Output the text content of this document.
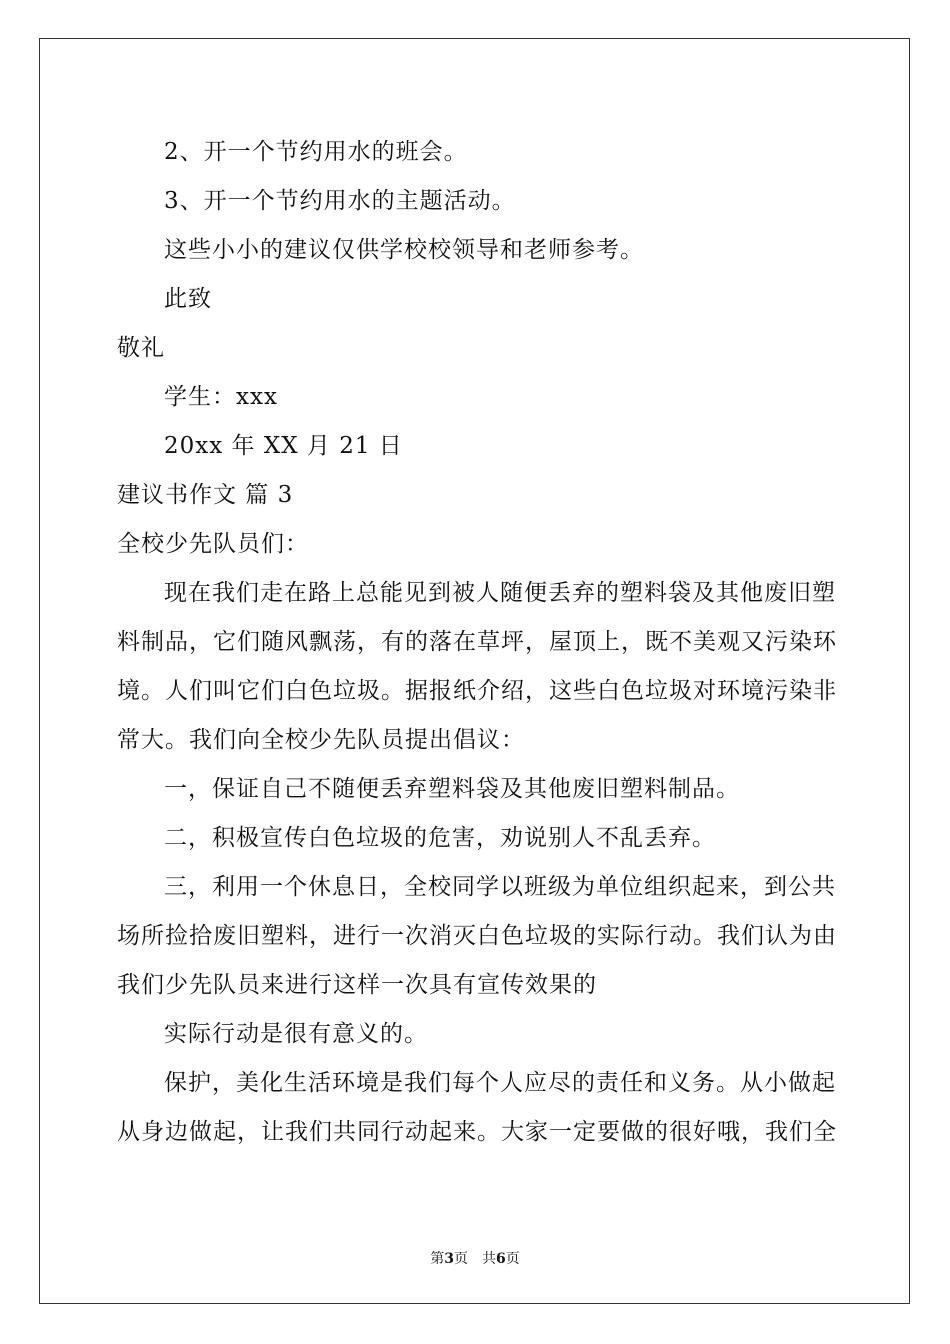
2、开一个节约用水的班会。
3、开一个节约用水的主题活动。
这些小小的建议仅供学校校领导和老师参考。
此致
敬礼
学生：xxx
20xx 年 XX 月 21 日
建议书作文 篇 3
全校少先队员们：
现在我们走在路上总能见到被人随便丢弃的塑料袋及其他废旧塑
料制品，它们随风飘荡，有的落在草坪，屋顶上，既不美观又污染环
境。人们叫它们白色垃圾。据报纸介绍，这些白色垃圾对环境污染非
常大。我们向全校少先队员提出倡议：
一，保证自己不随便丢弃塑料袋及其他废旧塑料制品。
二，积极宣传白色垃圾的危害，劝说别人不乱丢弃。
三，利用一个休息日，全校同学以班级为单位组织起来，到公共
场所捡拾废旧塑料，进行一次消灭白色垃圾的实际行动。我们认为由
我们少先队员来进行这样一次具有宣传效果的
实际行动是很有意义的。
保护，美化生活环境是我们每个人应尽的责任和义务。从小做起
从身边做起，让我们共同行动起来。大家一定要做的很好哦，我们全
第3页 共6页
